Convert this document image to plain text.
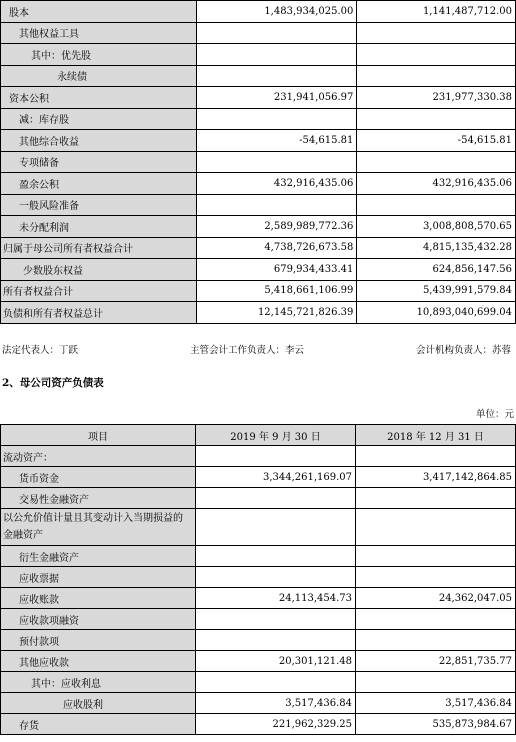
股本	1,483,934,025.00	1,141,487,712.00
其他权益工具		
其中：优先股		
永续债		
资本公积	231,941,056.97	231,977,330.38
减：库存股		
其他综合收益	-54,615.81	-54,615.81
专项储备		
盈余公积	432,916,435.06	432,916,435.06
一般风险准备		
未分配利润	2,589,989,772.36	3,008,808,570.65
归属于母公司所有者权益合计	4,738,726,673.58	4,815,135,432.28
少数股东权益	679,934,433.41	624,856,147.56
所有者权益合计	5,418,661,106.99	5,439,991,579.84
负债和所有者权益总计	12,145,721,826.39	10,893,040,699.04
法定代表人：丁跃	主管会计工作负责人：李云	会计机构负责人：苏蓉
2、母公司资产负债表
单位：元
项目	2019 年 9 月 30 日	2018 年 12 月 31 日
流动资产：		
货币资金	3,344,261,169.07	3,417,142,864.85
交易性金融资产		
以公允价值计量且其变动计入当期损益的金融资产		
衍生金融资产		
应收票据		
应收账款	24,113,454.73	24,362,047.05
应收款项融资		
预付款项		
其他应收款	20,301,121.48	22,851,735.77
其中：应收利息		
应收股利	3,517,436.84	3,517,436.84
存货	221,962,329.25	535,873,984.67
